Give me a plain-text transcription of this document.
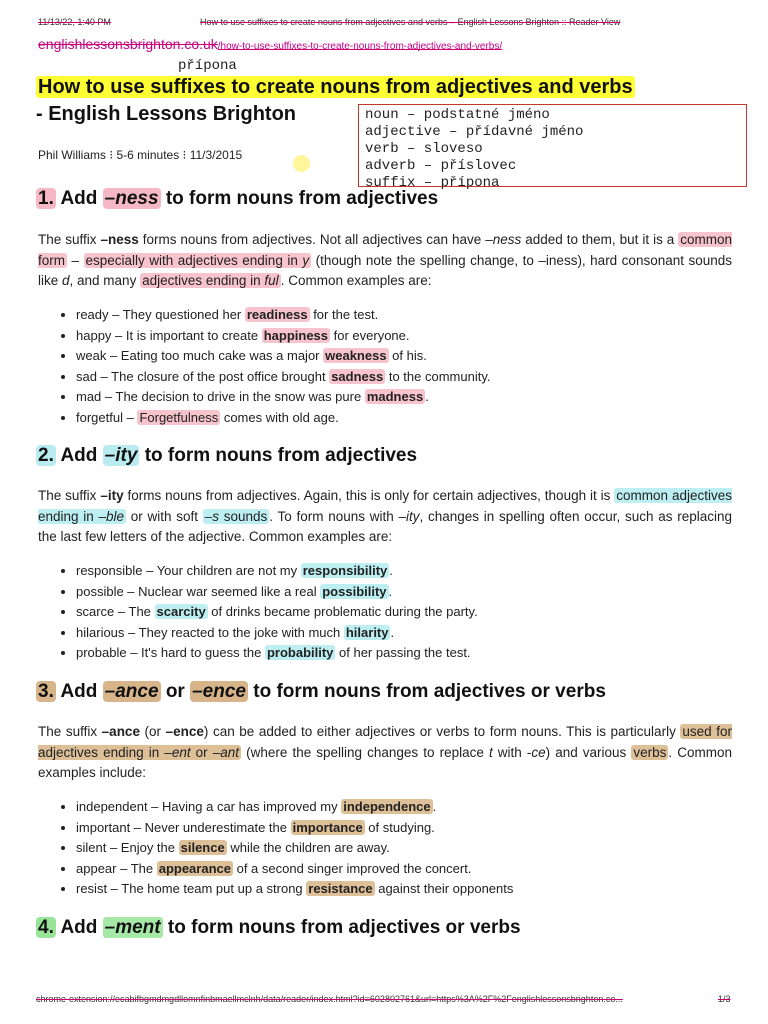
11/13/22, 1:40 PM	How to use suffixes to create nouns from adjectives and verbs – English Lessons Brighton :: Reader View
englishlessonsbrighton.co.uk/how-to-use-suffixes-to-create-nouns-from-adjectives-and-verbs/
přípona
How to use suffixes to create nouns from adjectives and verbs
- English Lessons Brighton	noun – podstatné jméno
adjective – přídavné jméno
verb – sloveso
adverb – příslovec
suffix – přípona
Phil Williams ⁝ 5-6 minutes ⁝ 11/3/2015
1. Add –ness to form nouns from adjectives
The suffix –ness forms nouns from adjectives. Not all adjectives can have –ness added to them, but it is a common form – especially with adjectives ending in y (though note the spelling change, to –iness), hard consonant sounds like d, and many adjectives ending in ful . Common examples are:
• ready – They questioned her readiness for the test.
• happy – It is important to create happiness for everyone.
• weak – Eating too much cake was a major weakness of his.
• sad – The closure of the post office brought sadness to the community.
• mad – The decision to drive in the snow was pure madness .
• forgetful – Forgetfulness comes with old age.
2. Add –ity to form nouns from adjectives
The suffix –ity forms nouns from adjectives. Again, this is only for certain adjectives, though it is common adjectives ending in –ble or with soft –s sounds . To form nouns with –ity, changes in spelling often occur, such as replacing the last few letters of the adjective. Common examples are:
• responsible – Your children are not my responsibility .
• possible – Nuclear war seemed like a real possibility .
• scarce – The scarcity of drinks became problematic during the party.
• hilarious – They reacted to the joke with much hilarity .
• probable – It's hard to guess the probability of her passing the test.
3. Add –ance or –ence to form nouns from adjectives or verbs
The suffix –ance (or –ence) can be added to either adjectives or verbs to form nouns. This is particularly used for adjectives ending in –ent or –ant (where the spelling changes to replace t with -ce) and various verbs . Common examples include:
• independent – Having a car has improved my independence .
• important – Never underestimate the importance of studying.
• silent – Enjoy the silence while the children are away.
• appear – The appearance of a second singer improved the concert.
• resist – The home team put up a strong resistance against their opponents
4. Add –ment to form nouns from adjectives or verbs
chrome-extension://ecabifbgmdmgdllomnfinbmaellmclnh/data/reader/index.html?id=602802761&url=https%3A%2F%2Fenglishlessonsbrighton.co...	1/3
